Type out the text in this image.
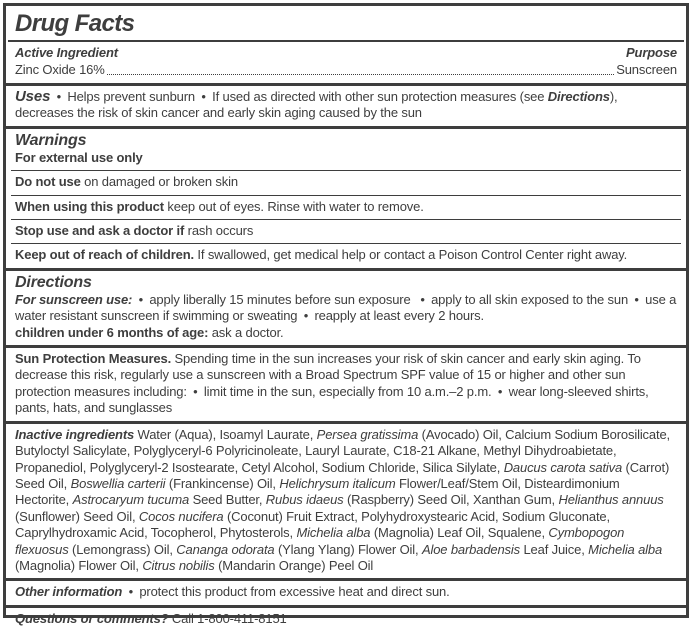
Drug Facts
Active Ingredient	Purpose
Zinc Oxide 16%	Sunscreen

Uses • Helps prevent sunburn • If used as directed with other sun protection measures (see Directions), decreases the risk of skin cancer and early skin aging caused by the sun

Warnings

For external use only

Do not use on damaged or broken skin

When using this product keep out of eyes. Rinse with water to remove.

Stop use and ask a doctor if rash occurs

Keep out of reach of children. If swallowed, get medical help or contact a Poison Control Center right away.

Directions

For sunscreen use: • apply liberally 15 minutes before sun exposure  • apply to all skin exposed to the sun • use a water resistant sunscreen if swimming or sweating • reapply at least every 2 hours.

children under 6 months of age: ask a doctor.

Sun Protection Measures. Spending time in the sun increases your risk of skin cancer and early skin aging. To decrease this risk, regularly use a sunscreen with a Broad Spectrum SPF value of 15 or higher and other sun protection measures including: • limit time in the sun, especially from 10 a.m.–2 p.m. • wear long-sleeved shirts, pants, hats, and sunglasses

Inactive ingredients Water (Aqua), Isoamyl Laurate, Persea gratissima (Avocado) Oil, Calcium Sodium Borosilicate, Butyloctyl Salicylate, Polyglyceryl-6 Polyricinoleate, Lauryl Laurate, C18-21 Alkane, Methyl Dihydroabietate, Propanediol, Polyglyceryl-2 Isostearate, Cetyl Alcohol, Sodium Chloride, Silica Silylate, Daucus carota sativa (Carrot) Seed Oil, Boswellia carterii (Frankincense) Oil, Helichrysum italicum Flower/Leaf/Stem Oil, Disteardimonium Hectorite, Astrocaryum tucuma Seed Butter, Rubus idaeus (Raspberry) Seed Oil, Xanthan Gum, Helianthus annuus (Sunflower) Seed Oil, Cocos nucifera (Coconut) Fruit Extract, Polyhydroxystearic Acid, Sodium Gluconate, Caprylhydroxamic Acid, Tocopherol, Phytosterols, Michelia alba (Magnolia) Leaf Oil, Squalene, Cymbopogon flexuosus (Lemongrass) Oil, Cananga odorata (Ylang Ylang) Flower Oil, Aloe barbadensis Leaf Juice, Michelia alba (Magnolia) Flower Oil, Citrus nobilis (Mandarin Orange) Peel Oil

Other information • protect this product from excessive heat and direct sun.

Questions or comments? Call 1-800-411-8151
